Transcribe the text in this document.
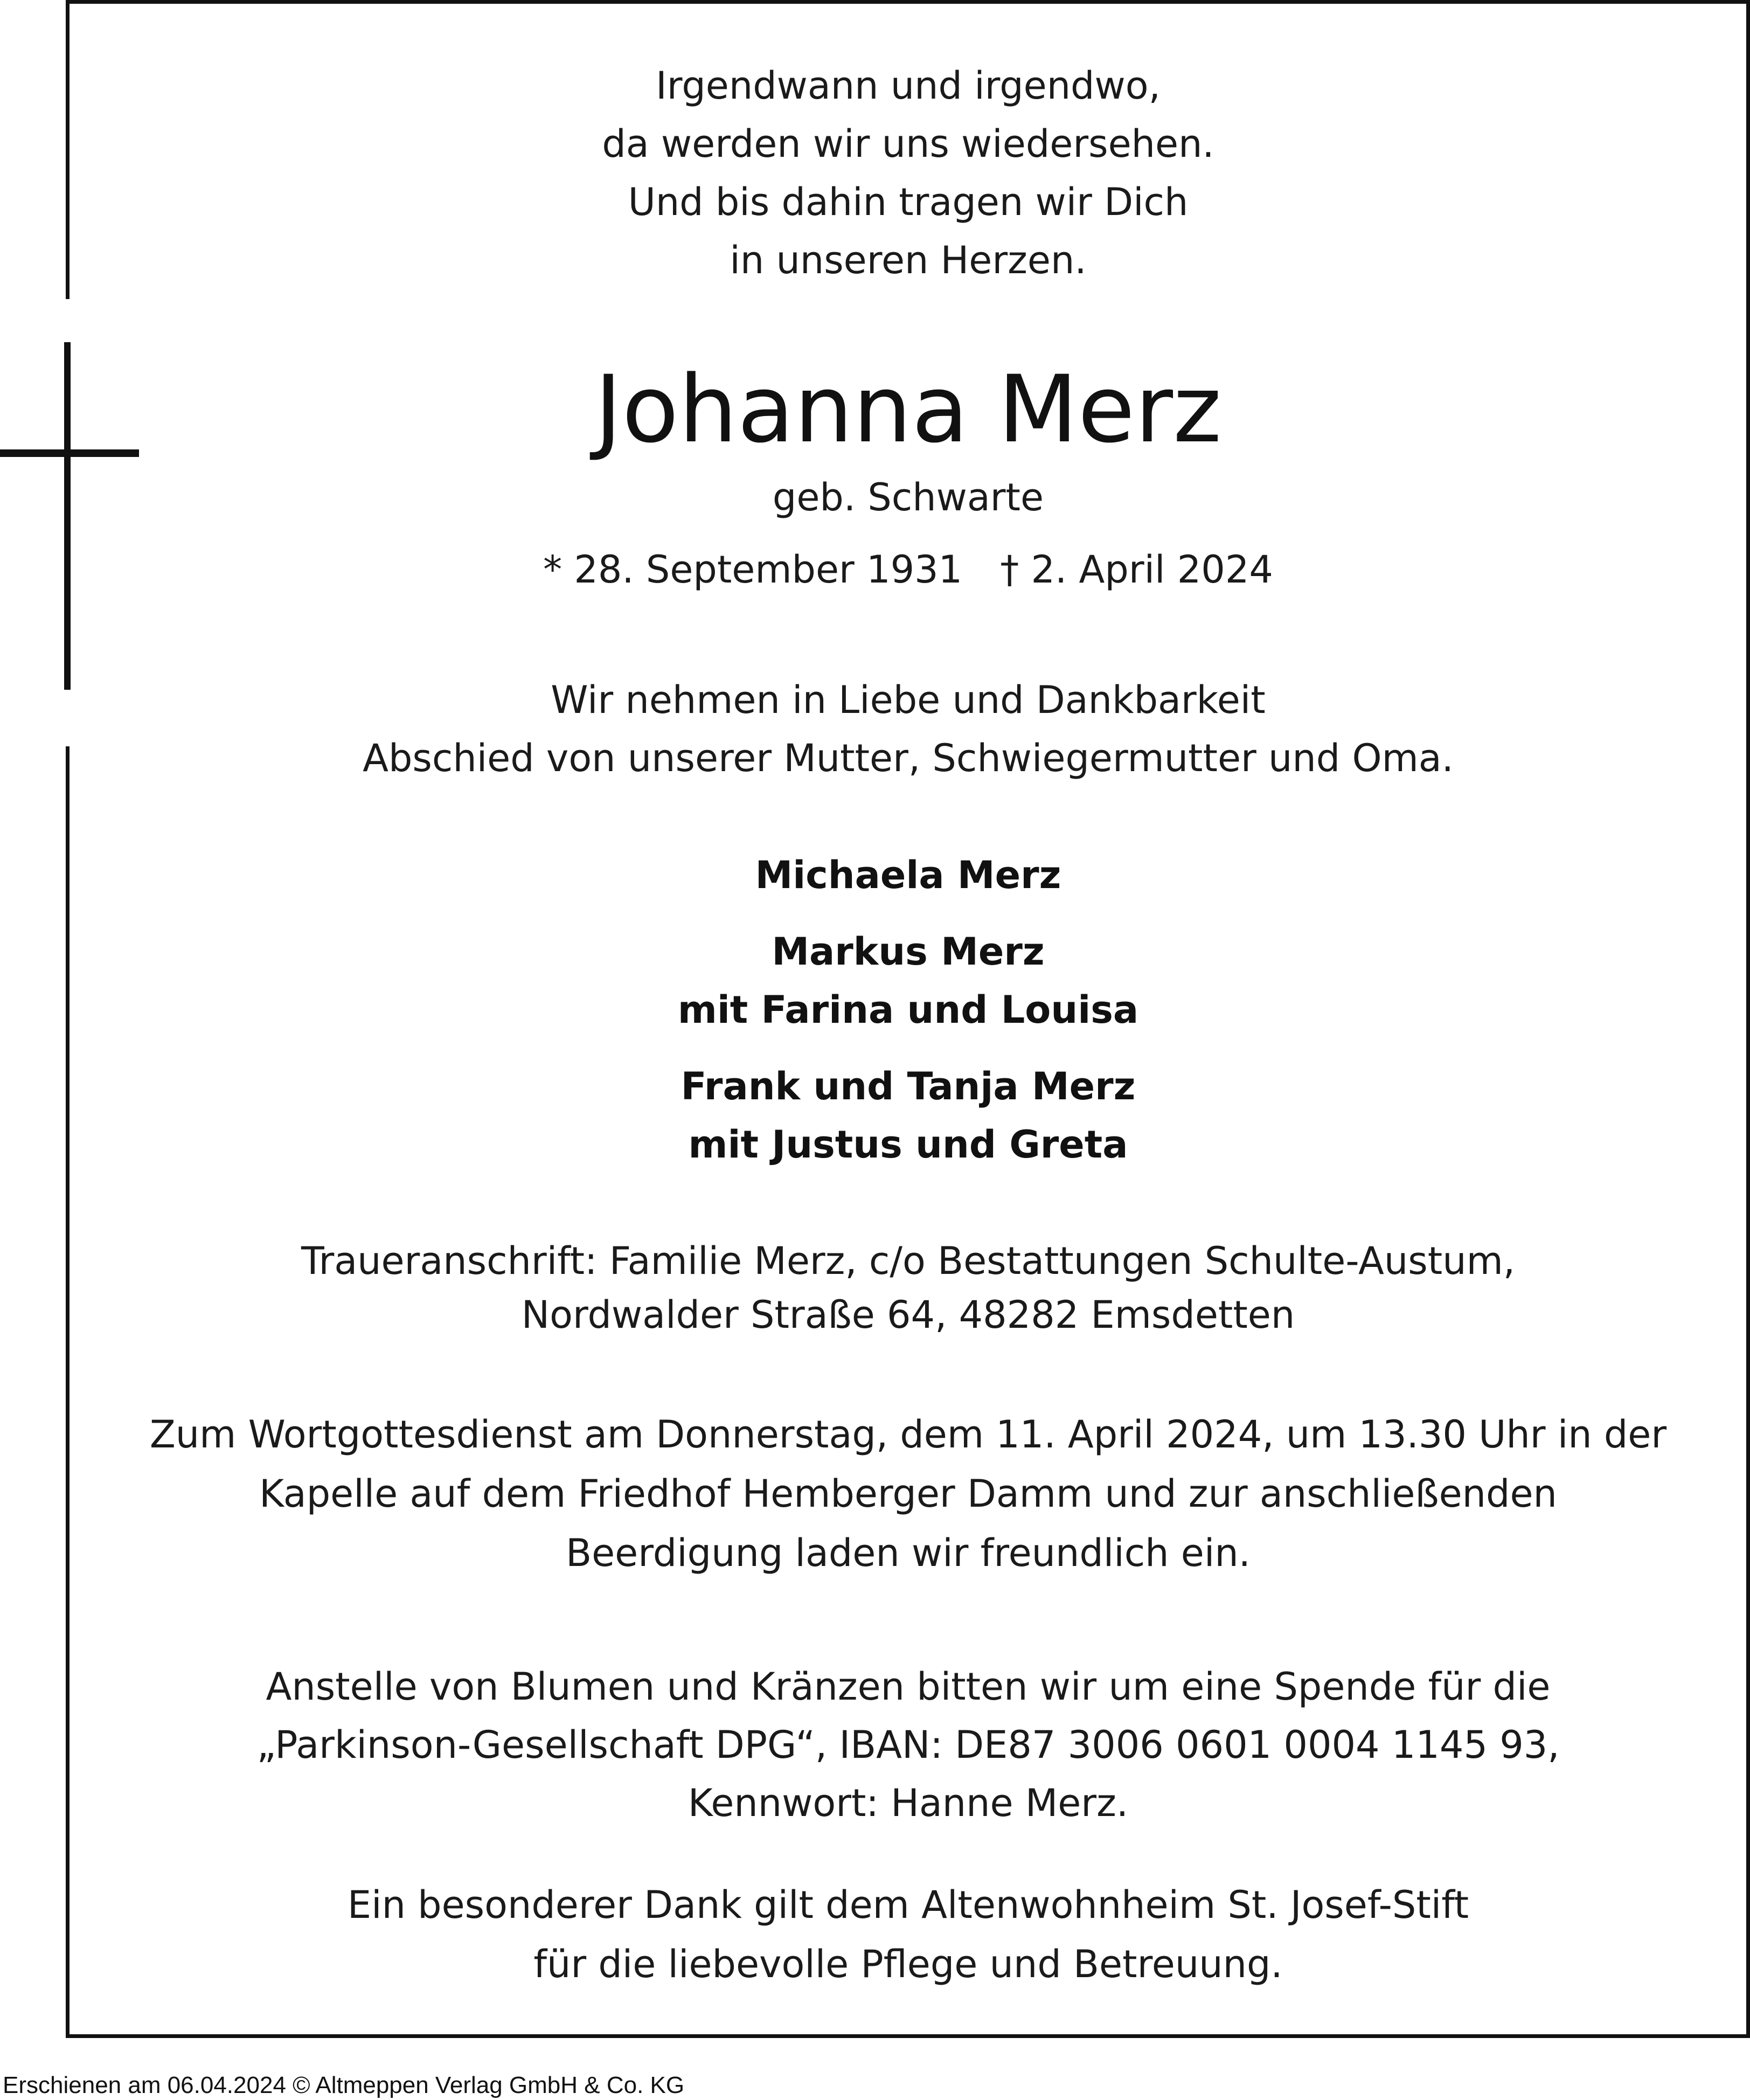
Irgendwann und irgendwo,
da werden wir uns wiedersehen.
Und bis dahin tragen wir Dich
in unseren Herzen.
Johanna Merz
geb. Schwarte
* 28. September 1931 † 2. April 2024
Wir nehmen in Liebe und Dankbarkeit
Abschied von unserer Mutter, Schwiegermutter und Oma.
Michaela Merz
Markus Merz
mit Farina und Louisa
Frank und Tanja Merz
mit Justus und Greta
Traueranschrift: Familie Merz, c/o Bestattungen Schulte-Austum,
Nordwalder Straße 64, 48282 Emsdetten
Zum Wortgottesdienst am Donnerstag, dem 11. April 2024, um 13.30 Uhr in der
Kapelle auf dem Friedhof Hemberger Damm und zur anschließenden
Beerdigung laden wir freundlich ein.
Anstelle von Blumen und Kränzen bitten wir um eine Spende für die
„Parkinson-Gesellschaft DPG“, IBAN: DE87 3006 0601 0004 1145 93,
Kennwort: Hanne Merz.
Ein besonderer Dank gilt dem Altenwohnheim St. Josef-Stift
für die liebevolle Pflege und Betreuung.
Erschienen am 06.04.2024 © Altmeppen Verlag GmbH & Co. KG
